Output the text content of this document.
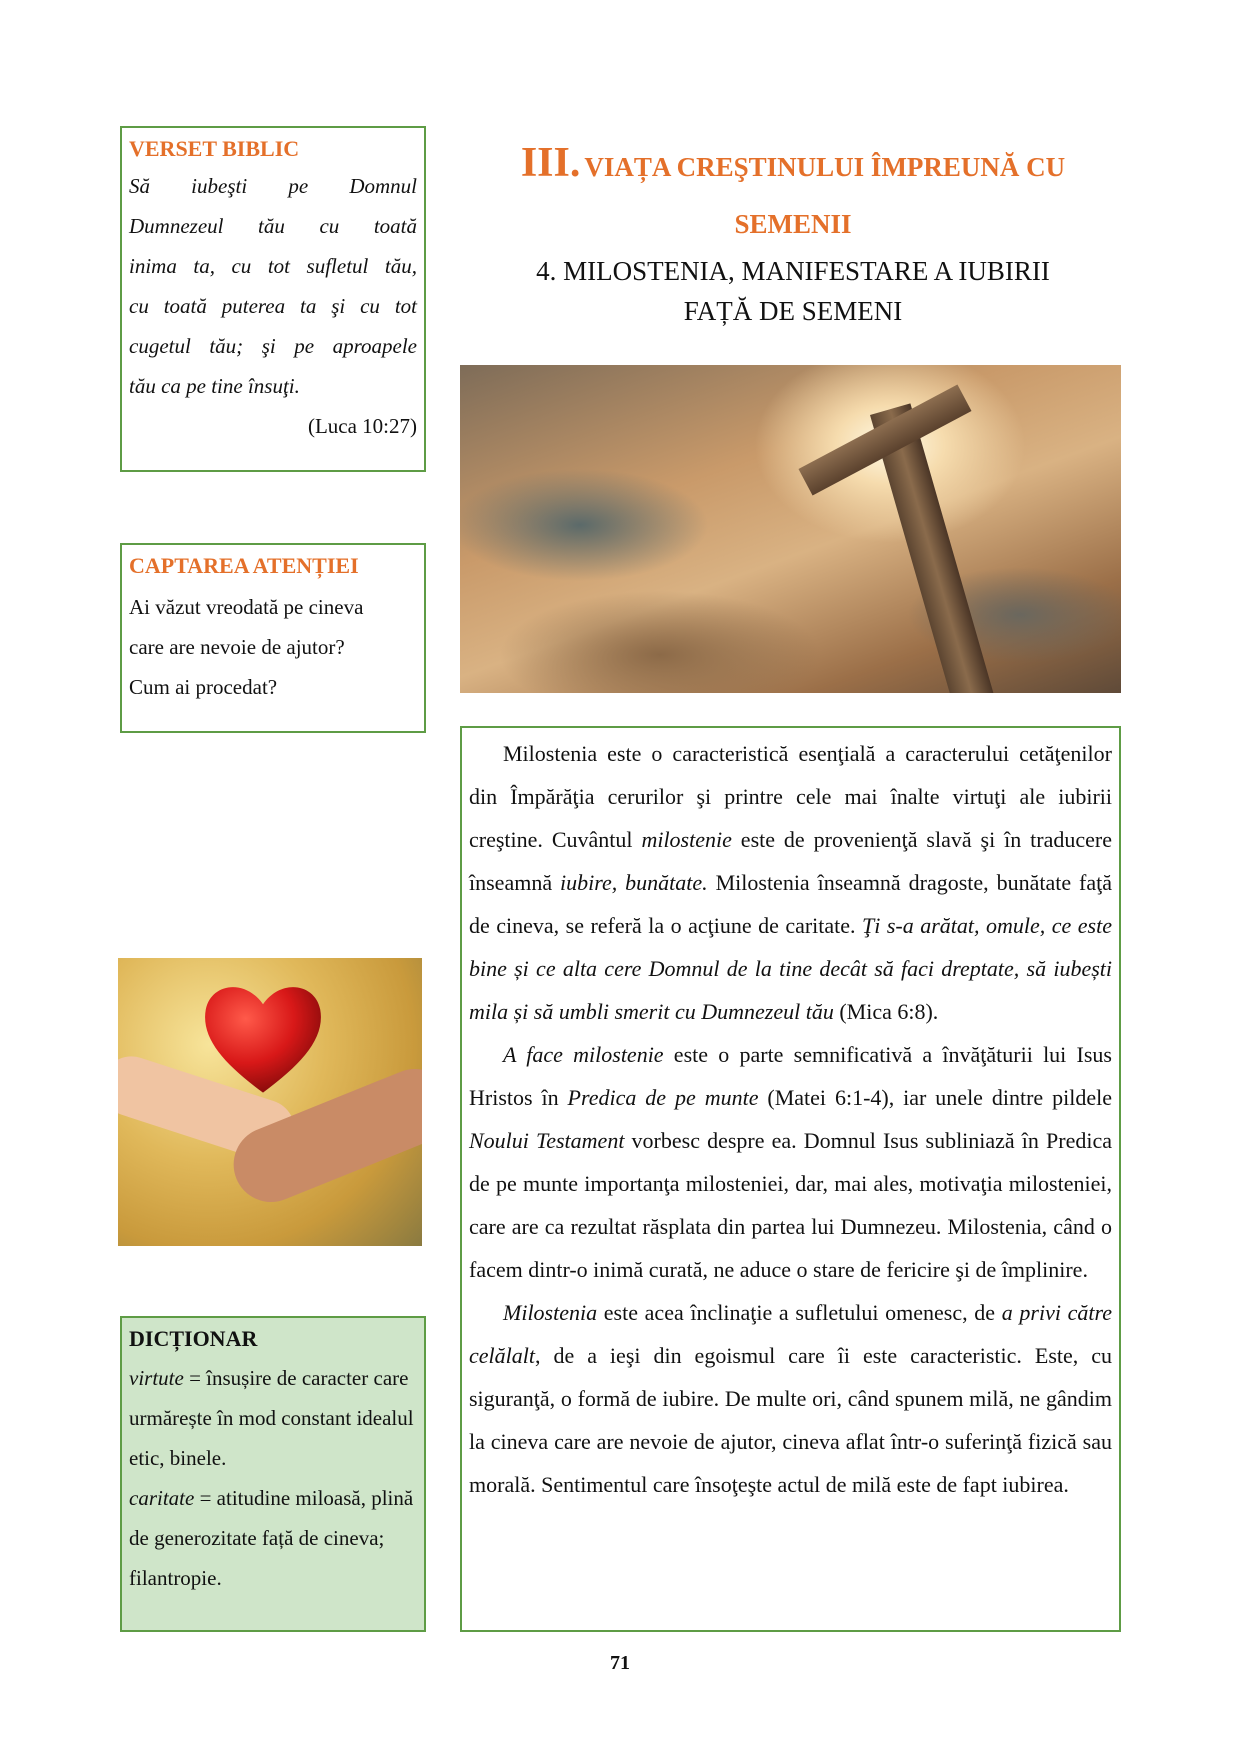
VERSET BIBLIC
Să iubeşti pe Domnul
Dumnezeul tău cu toată
inima ta, cu tot sufletul tău,
cu toată puterea ta şi cu tot
cugetul tău; şi pe aproapele
tău ca pe tine însuţi.
(Luca 10:27)
CAPTAREA ATENȚIEI
Ai văzut vreodată pe cineva
care are nevoie de ajutor?
Cum ai procedat?
III. VIAȚA CREŞTINULUI ÎMPREUNĂ CU
SEMENII
4. MILOSTENIA, MANIFESTARE A IUBIRII
FAȚĂ DE SEMENI

Milostenia este o caracteristică esenţială a caracterului cetăţenilor din Împărăţia cerurilor şi printre cele mai înalte virtuţi ale iubirii creştine. Cuvântul milostenie este de provenienţă slavă şi în traducere înseamnă iubire, bunătate. Milostenia înseamnă dragoste, bunătate faţă de cineva, se referă la o acţiune de caritate. Ţi s-a arătat, omule, ce este bine și ce alta cere Domnul de la tine decât să faci dreptate, să iubești mila și să umbli smerit cu Dumnezeul tău (Mica 6:8).

A face milostenie este o parte semnificativă a învăţăturii lui Isus Hristos în Predica de pe munte (Matei 6:1-4), iar unele dintre pildele Noului Testament vorbesc despre ea. Domnul Isus subliniază în Predica de pe munte importanţa milosteniei, dar, mai ales, motivaţia milosteniei, care are ca rezultat răsplata din partea lui Dumnezeu. Milostenia, când o facem dintr-o inimă curată, ne aduce o stare de fericire şi de împlinire.

Milostenia este acea înclinaţie a sufletului omenesc, de a privi către celălalt, de a ieşi din egoismul care îi este caracteristic. Este, cu siguranţă, o formă de iubire. De multe ori, când spunem milă, ne gândim la cineva care are nevoie de ajutor, cineva aflat într-o suferinţă fizică sau morală. Sentimentul care însoţeşte actul de milă este de fapt iubirea.

DICȚIONAR
virtute = însușire de caracter care urmărește în mod constant idealul etic, binele.
caritate = atitudine miloasă, plină de generozitate față de cineva; filantropie.
71
